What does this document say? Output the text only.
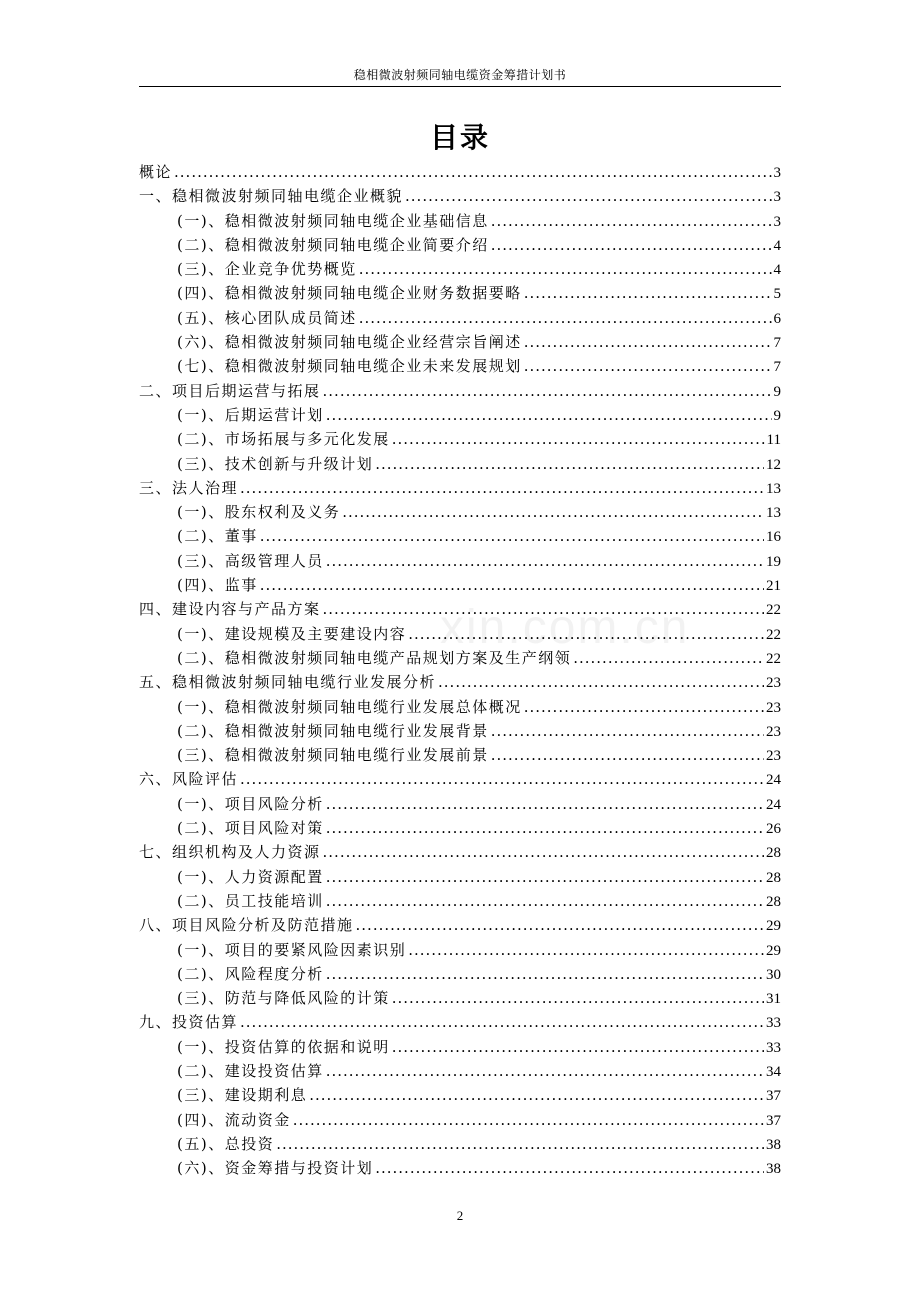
稳相微波射频同轴电缆资金筹措计划书
目录
xin.com.cn
概论 .....	3
一、稳相微波射频同轴电缆企业概貌 .....	3
(一)、稳相微波射频同轴电缆企业基础信息 .....	3
(二)、稳相微波射频同轴电缆企业简要介绍 .....	4
(三)、企业竞争优势概览 .....	4
(四)、稳相微波射频同轴电缆企业财务数据要略 .....	5
(五)、核心团队成员简述 .....	6
(六)、稳相微波射频同轴电缆企业经营宗旨阐述 .....	7
(七)、稳相微波射频同轴电缆企业未来发展规划 .....	7
二、项目后期运营与拓展 .....	9
(一)、后期运营计划 .....	9
(二)、市场拓展与多元化发展 .....	11
(三)、技术创新与升级计划 .....	12
三、法人治理 .....	13
(一)、股东权利及义务 .....	13
(二)、董事 .....	16
(三)、高级管理人员 .....	19
(四)、监事 .....	21
四、建设内容与产品方案 .....	22
(一)、建设规模及主要建设内容 .....	22
(二)、稳相微波射频同轴电缆产品规划方案及生产纲领 .....	22
五、稳相微波射频同轴电缆行业发展分析 .....	23
(一)、稳相微波射频同轴电缆行业发展总体概况 .....	23
(二)、稳相微波射频同轴电缆行业发展背景 .....	23
(三)、稳相微波射频同轴电缆行业发展前景 .....	23
六、风险评估 .....	24
(一)、项目风险分析 .....	24
(二)、项目风险对策 .....	26
七、组织机构及人力资源 .....	28
(一)、人力资源配置 .....	28
(二)、员工技能培训 .....	28
八、项目风险分析及防范措施 .....	29
(一)、项目的要紧风险因素识别 .....	29
(二)、风险程度分析 .....	30
(三)、防范与降低风险的计策 .....	31
九、投资估算 .....	33
(一)、投资估算的依据和说明 .....	33
(二)、建设投资估算 .....	34
(三)、建设期利息 .....	37
(四)、流动资金 .....	37
(五)、总投资 .....	38
(六)、资金筹措与投资计划 .....	38
2
